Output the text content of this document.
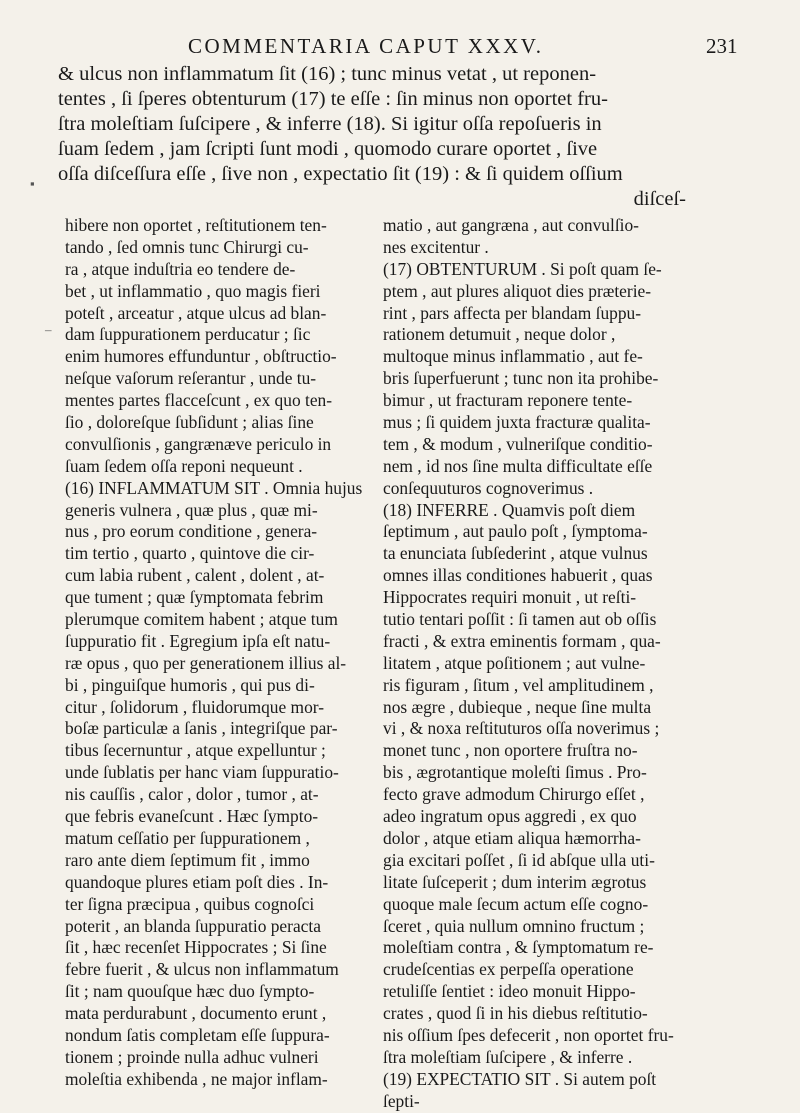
COMMENTARIA CAPUT XXXV.	231
& ulcus non inflammatum ſit (16) ; tunc minus vetat , ut reponen-
tentes , ſi ſperes obtenturum (17) te eſſe : ſin minus non oportet fru-
ſtra moleſtiam ſuſcipere , & inferre (18). Si igitur oſſa repoſueris in
ſuam ſedem , jam ſcripti ſunt modi , quomodo curare oportet , ſive
oſſa diſceſſura eſſe , ſive non , expectatio ſit (19) : & ſi quidem oſſium
diſceſ-
hibere non oportet , reſtitutionem ten-
tando , ſed omnis tunc Chirurgi cu-
ra , atque induſtria eo tendere de-
bet , ut inflammatio , quo magis fieri
poteſt , arceatur , atque ulcus ad blan-
dam ſuppurationem perducatur ; ſic
enim humores effunduntur , obſtructio-
neſque vaſorum reſerantur , unde tu-
mentes partes flacceſcunt , ex quo ten-
ſio , doloreſque ſubſidunt ; alias ſine
convulſionis , gangrænæve periculo in
ſuam ſedem oſſa reponi nequeunt .
(16) INFLAMMATUM SIT . Omnia hujus
generis vulnera , quæ plus , quæ mi-
nus , pro eorum conditione , genera-
tim tertio , quarto , quintove die cir-
cum labia rubent , calent , dolent , at-
que tument ; quæ ſymptomata febrim
plerumque comitem habent ; atque tum
ſuppuratio fit . Egregium ipſa eſt natu-
ræ opus , quo per generationem illius al-
bi , pinguiſque humoris , qui pus di-
citur , ſolidorum , fluidorumque mor-
boſæ particulæ a ſanis , integriſque par-
tibus ſecernuntur , atque expelluntur ;
unde ſublatis per hanc viam ſuppuratio-
nis cauſſis , calor , dolor , tumor , at-
que febris evaneſcunt . Hæc ſympto-
matum ceſſatio per ſuppurationem ,
raro ante diem ſeptimum fit , immo
quandoque plures etiam poſt dies . In-
ter ſigna præcipua , quibus cognoſci
poterit , an blanda ſuppuratio peracta
ſit , hæc recenſet Hippocrates ; Si ſine
febre fuerit , & ulcus non inflammatum
ſit ; nam quouſque hæc duo ſympto-
mata perdurabunt , documento erunt ,
nondum ſatis completam eſſe ſuppura-
tionem ; proinde nulla adhuc vulneri
moleſtia exhibenda , ne major inflam-
matio , aut gangræna , aut convulſio-
nes excitentur .
(17) OBTENTURUM . Si poſt quam ſe-
ptem , aut plures aliquot dies præterie-
rint , pars affecta per blandam ſuppu-
rationem detumuit , neque dolor ,
multoque minus inflammatio , aut fe-
bris ſuperfuerunt ; tunc non ita prohibe-
bimur , ut fracturam reponere tente-
mus ; ſi quidem juxta fracturæ qualita-
tem , & modum , vulneriſque conditio-
nem , id nos ſine multa difficultate eſſe
conſequuturos cognoverimus .
(18) INFERRE . Quamvis poſt diem
ſeptimum , aut paulo poſt , ſymptoma-
ta enunciata ſubſederint , atque vulnus
omnes illas conditiones habuerit , quas
Hippocrates requiri monuit , ut reſti-
tutio tentari poſſit : ſi tamen aut ob oſſis
fracti , & extra eminentis formam , qua-
litatem , atque poſitionem ; aut vulne-
ris figuram , ſitum , vel amplitudinem ,
nos ægre , dubieque , neque ſine multa
vi , & noxa reſtituturos oſſa noverimus ;
monet tunc , non oportere fruſtra no-
bis , ægrotantique moleſti ſimus . Pro-
fecto grave admodum Chirurgo eſſet ,
adeo ingratum opus aggredi , ex quo
dolor , atque etiam aliqua hæmorrha-
gia excitari poſſet , ſi id abſque ulla uti-
litate ſuſceperit ; dum interim ægrotus
quoque male ſecum actum eſſe cogno-
ſceret , quia nullum omnino fructum ;
moleſtiam contra , & ſymptomatum re-
crudeſcentias ex perpeſſa operatione
retuliſſe ſentiet : ideo monuit Hippo-
crates , quod ſi in his diebus reſtitutio-
nis oſſium ſpes defecerit , non oportet fru-
ſtra moleſtiam ſuſcipere , & inferre .
(19) EXPECTATIO SIT . Si autem poſt
ſepti-
▪
–
